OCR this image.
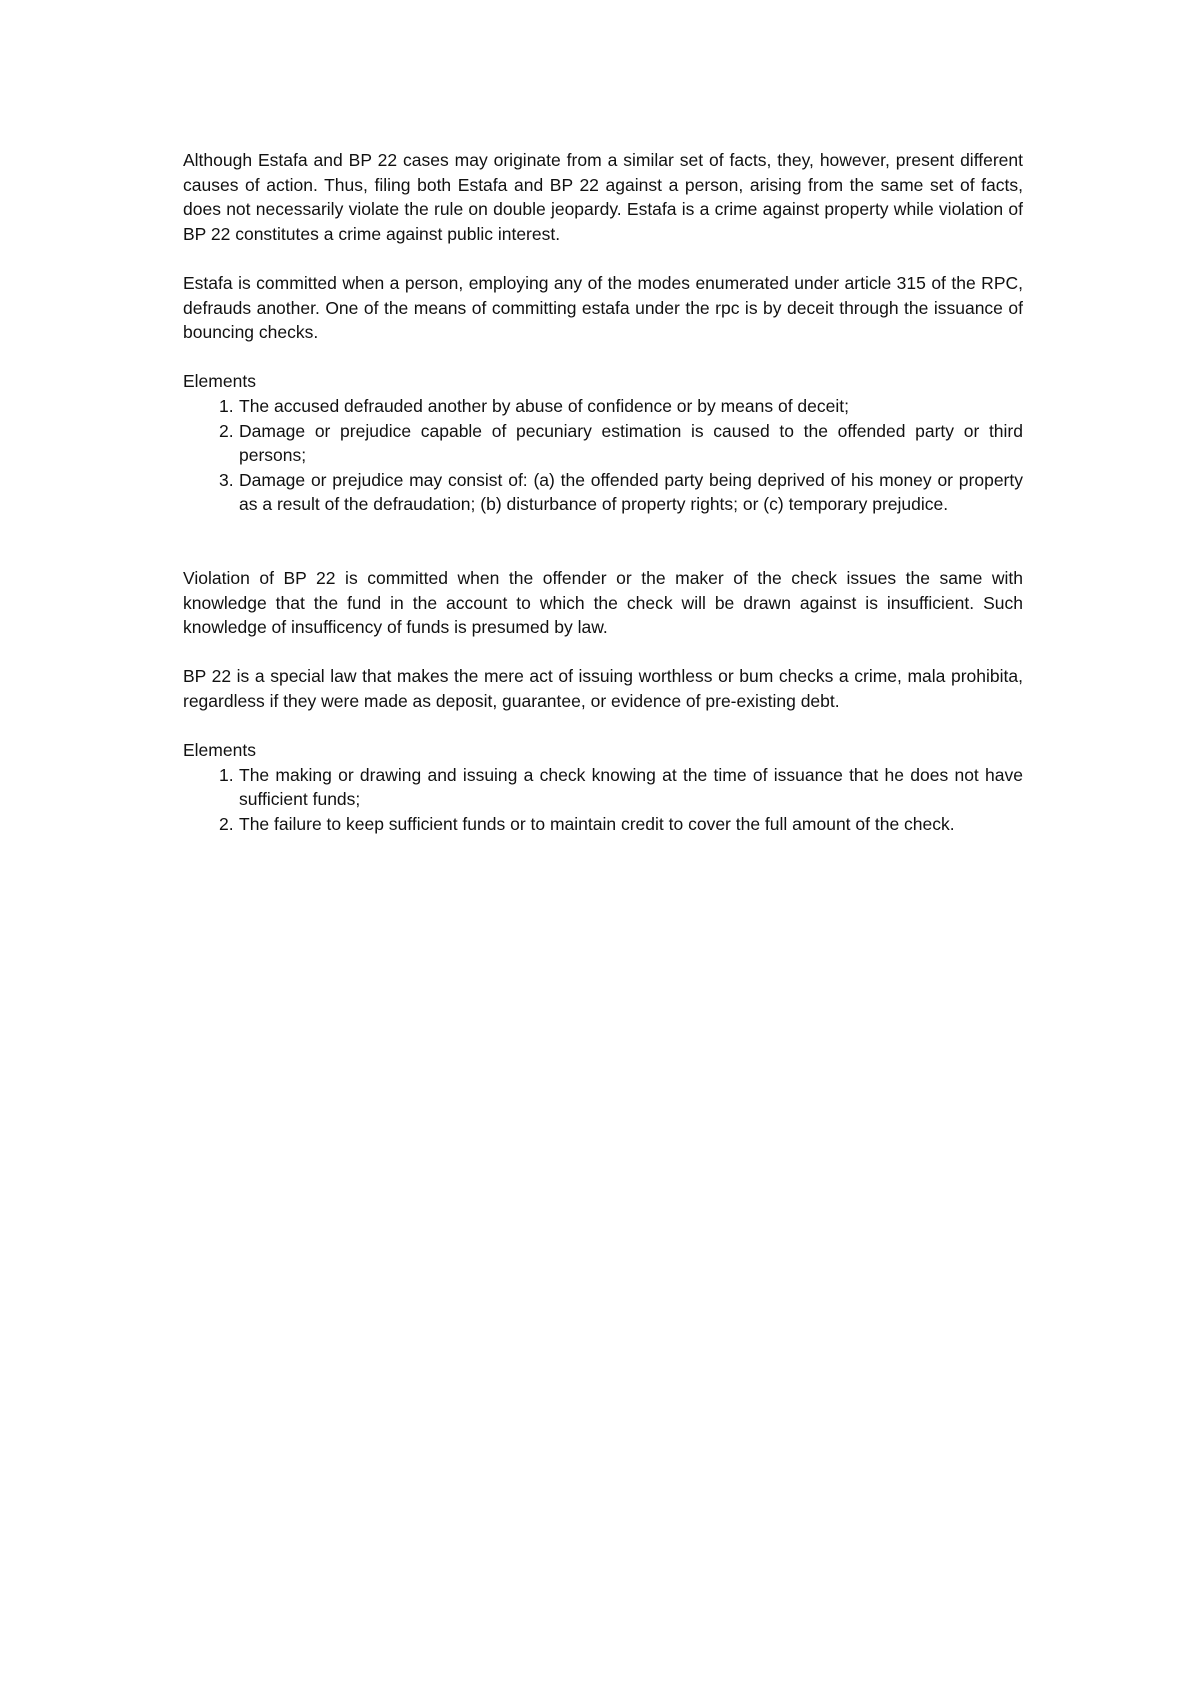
Although Estafa and BP 22 cases may originate from a similar set of facts, they, however, present different causes of action. Thus, filing both Estafa and BP 22 against a person, arising from the same set of facts, does not necessarily violate the rule on double jeopardy. Estafa is a crime against property while violation of BP 22 constitutes a crime against public interest.

Estafa is committed when a person, employing any of the modes enumerated under article 315 of the RPC, defrauds another. One of the means of committing estafa under the rpc is by deceit through the issuance of bouncing checks.

Elements

1. The accused defrauded another by abuse of confidence or by means of deceit;
2. Damage or prejudice capable of pecuniary estimation is caused to the offended party or third persons;
3. Damage or prejudice may consist of: (a) the offended party being deprived of his money or property as a result of the defraudation; (b) disturbance of property rights; or (c) temporary prejudice.

Violation of BP 22 is committed when the offender or the maker of the check issues the same with knowledge that the fund in the account to which the check will be drawn against is insufficient. Such knowledge of insufficency of funds is presumed by law.

BP 22 is a special law that makes the mere act of issuing worthless or bum checks a crime, mala prohibita, regardless if they were made as deposit, guarantee, or evidence of pre-existing debt.

Elements

1. The making or drawing and issuing a check knowing at the time of issuance that he does not have sufficient funds;
2. The failure to keep sufficient funds or to maintain credit to cover the full amount of the check.
